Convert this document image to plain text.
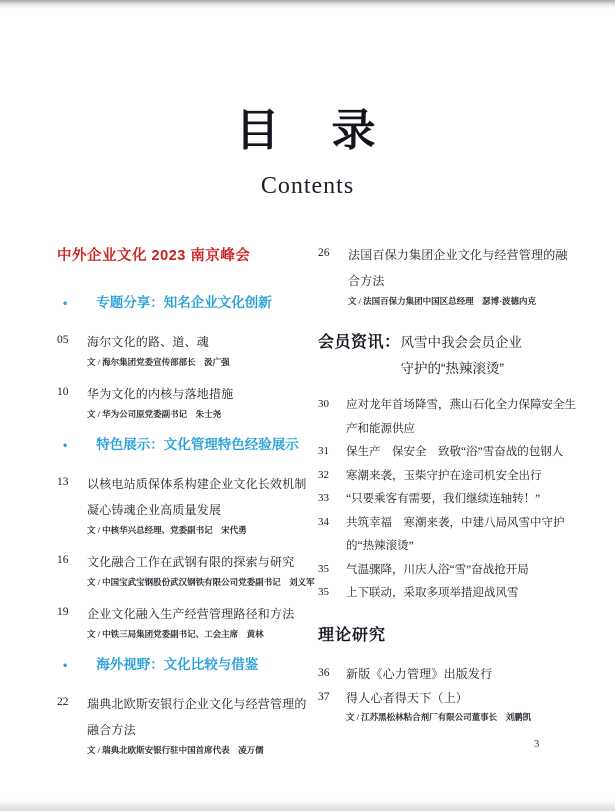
目　录
Contents
中外企业文化 2023 南京峰会
• 专题分享：知名企业文化创新
05	海尔文化的路、道、魂
文 / 海尔集团党委宣传部部长　汲广强
10	华为文化的内核与落地措施
文 / 华为公司原党委副书记　朱士尧
• 特色展示：文化管理特色经验展示
13	以核电站质保体系构建企业文化长效机制凝心铸魂企业高质量发展
文 / 中核华兴总经理、党委副书记　宋代勇
16	文化融合工作在武钢有限的探索与研究
文 / 中国宝武宝钢股份武汉钢铁有限公司党委副书记　刘义军
19	企业文化融入生产经营管理路径和方法
文 / 中铁三局集团党委副书记、工会主席　黄林
• 海外视野：文化比较与借鉴
22	瑞典北欧斯安银行企业文化与经营管理的融合方法
文 / 瑞典北欧斯安银行驻中国首席代表　凌万儒
26	法国百保力集团企业文化与经营管理的融合方法
文 / 法国百保力集团中国区总经理　瑟博·波德内克
会员资讯： 风雪中我会会员企业
守护的“热辣滚烫”
30	应对龙年首场降雪，燕山石化全力保障安全生产和能源供应
31	保生产　保安全　致敬“浴”雪奋战的包钢人
32	寒潮来袭，玉柴守护在途司机安全出行
33	“只要乘客有需要，我们继续连轴转！”
34	共筑幸福　寒潮来袭，中建八局风雪中守护的“热辣滚烫”
35	气温骤降，川庆人浴“雪”奋战抢开局
35	上下联动，采取多项举措迎战风雪
理论研究
36	新版《心力管理》出版发行
37	得人心者得天下（上）
文 / 江苏黑松林粘合剂厂有限公司董事长　刘鹏凯
3
